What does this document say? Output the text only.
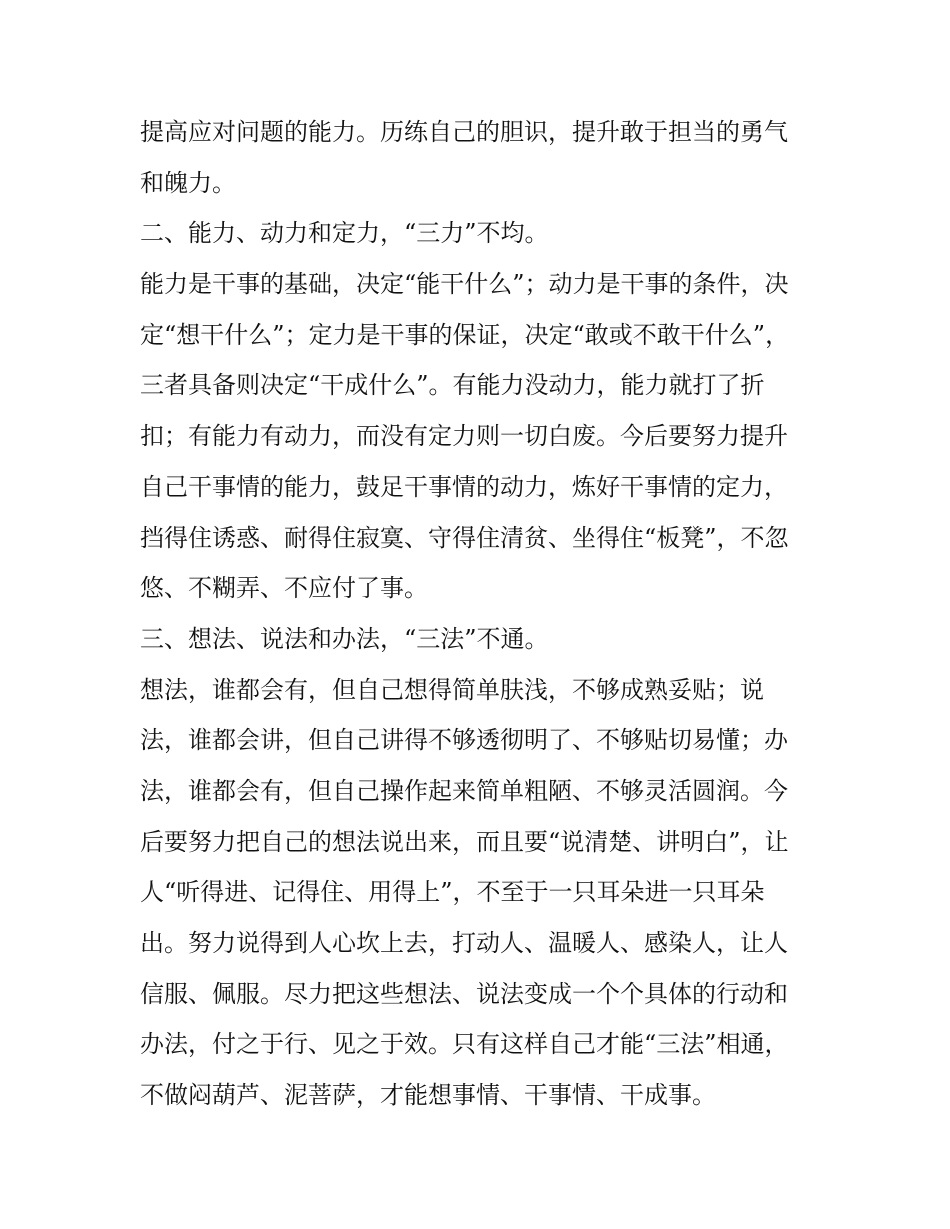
提高应对问题的能力。历练自己的胆识，提升敢于担当的勇气
和魄力。
二、能力、动力和定力，“三力”不均。
能力是干事的基础，决定“能干什么”；动力是干事的条件，决
定“想干什么”；定力是干事的保证，决定“敢或不敢干什么”，
三者具备则决定“干成什么”。有能力没动力，能力就打了折
扣；有能力有动力，而没有定力则一切白废。今后要努力提升
自己干事情的能力，鼓足干事情的动力，炼好干事情的定力，
挡得住诱惑、耐得住寂寞、守得住清贫、坐得住“板凳”，不忽
悠、不糊弄、不应付了事。
三、想法、说法和办法，“三法”不通。
想法，谁都会有，但自己想得简单肤浅，不够成熟妥贴；说
法，谁都会讲，但自己讲得不够透彻明了、不够贴切易懂；办
法，谁都会有，但自己操作起来简单粗陋、不够灵活圆润。今
后要努力把自己的想法说出来，而且要“说清楚、讲明白”，让
人“听得进、记得住、用得上”，不至于一只耳朵进一只耳朵
出。努力说得到人心坎上去，打动人、温暖人、感染人，让人
信服、佩服。尽力把这些想法、说法变成一个个具体的行动和
办法，付之于行、见之于效。只有这样自己才能“三法”相通，
不做闷葫芦、泥菩萨，才能想事情、干事情、干成事。
